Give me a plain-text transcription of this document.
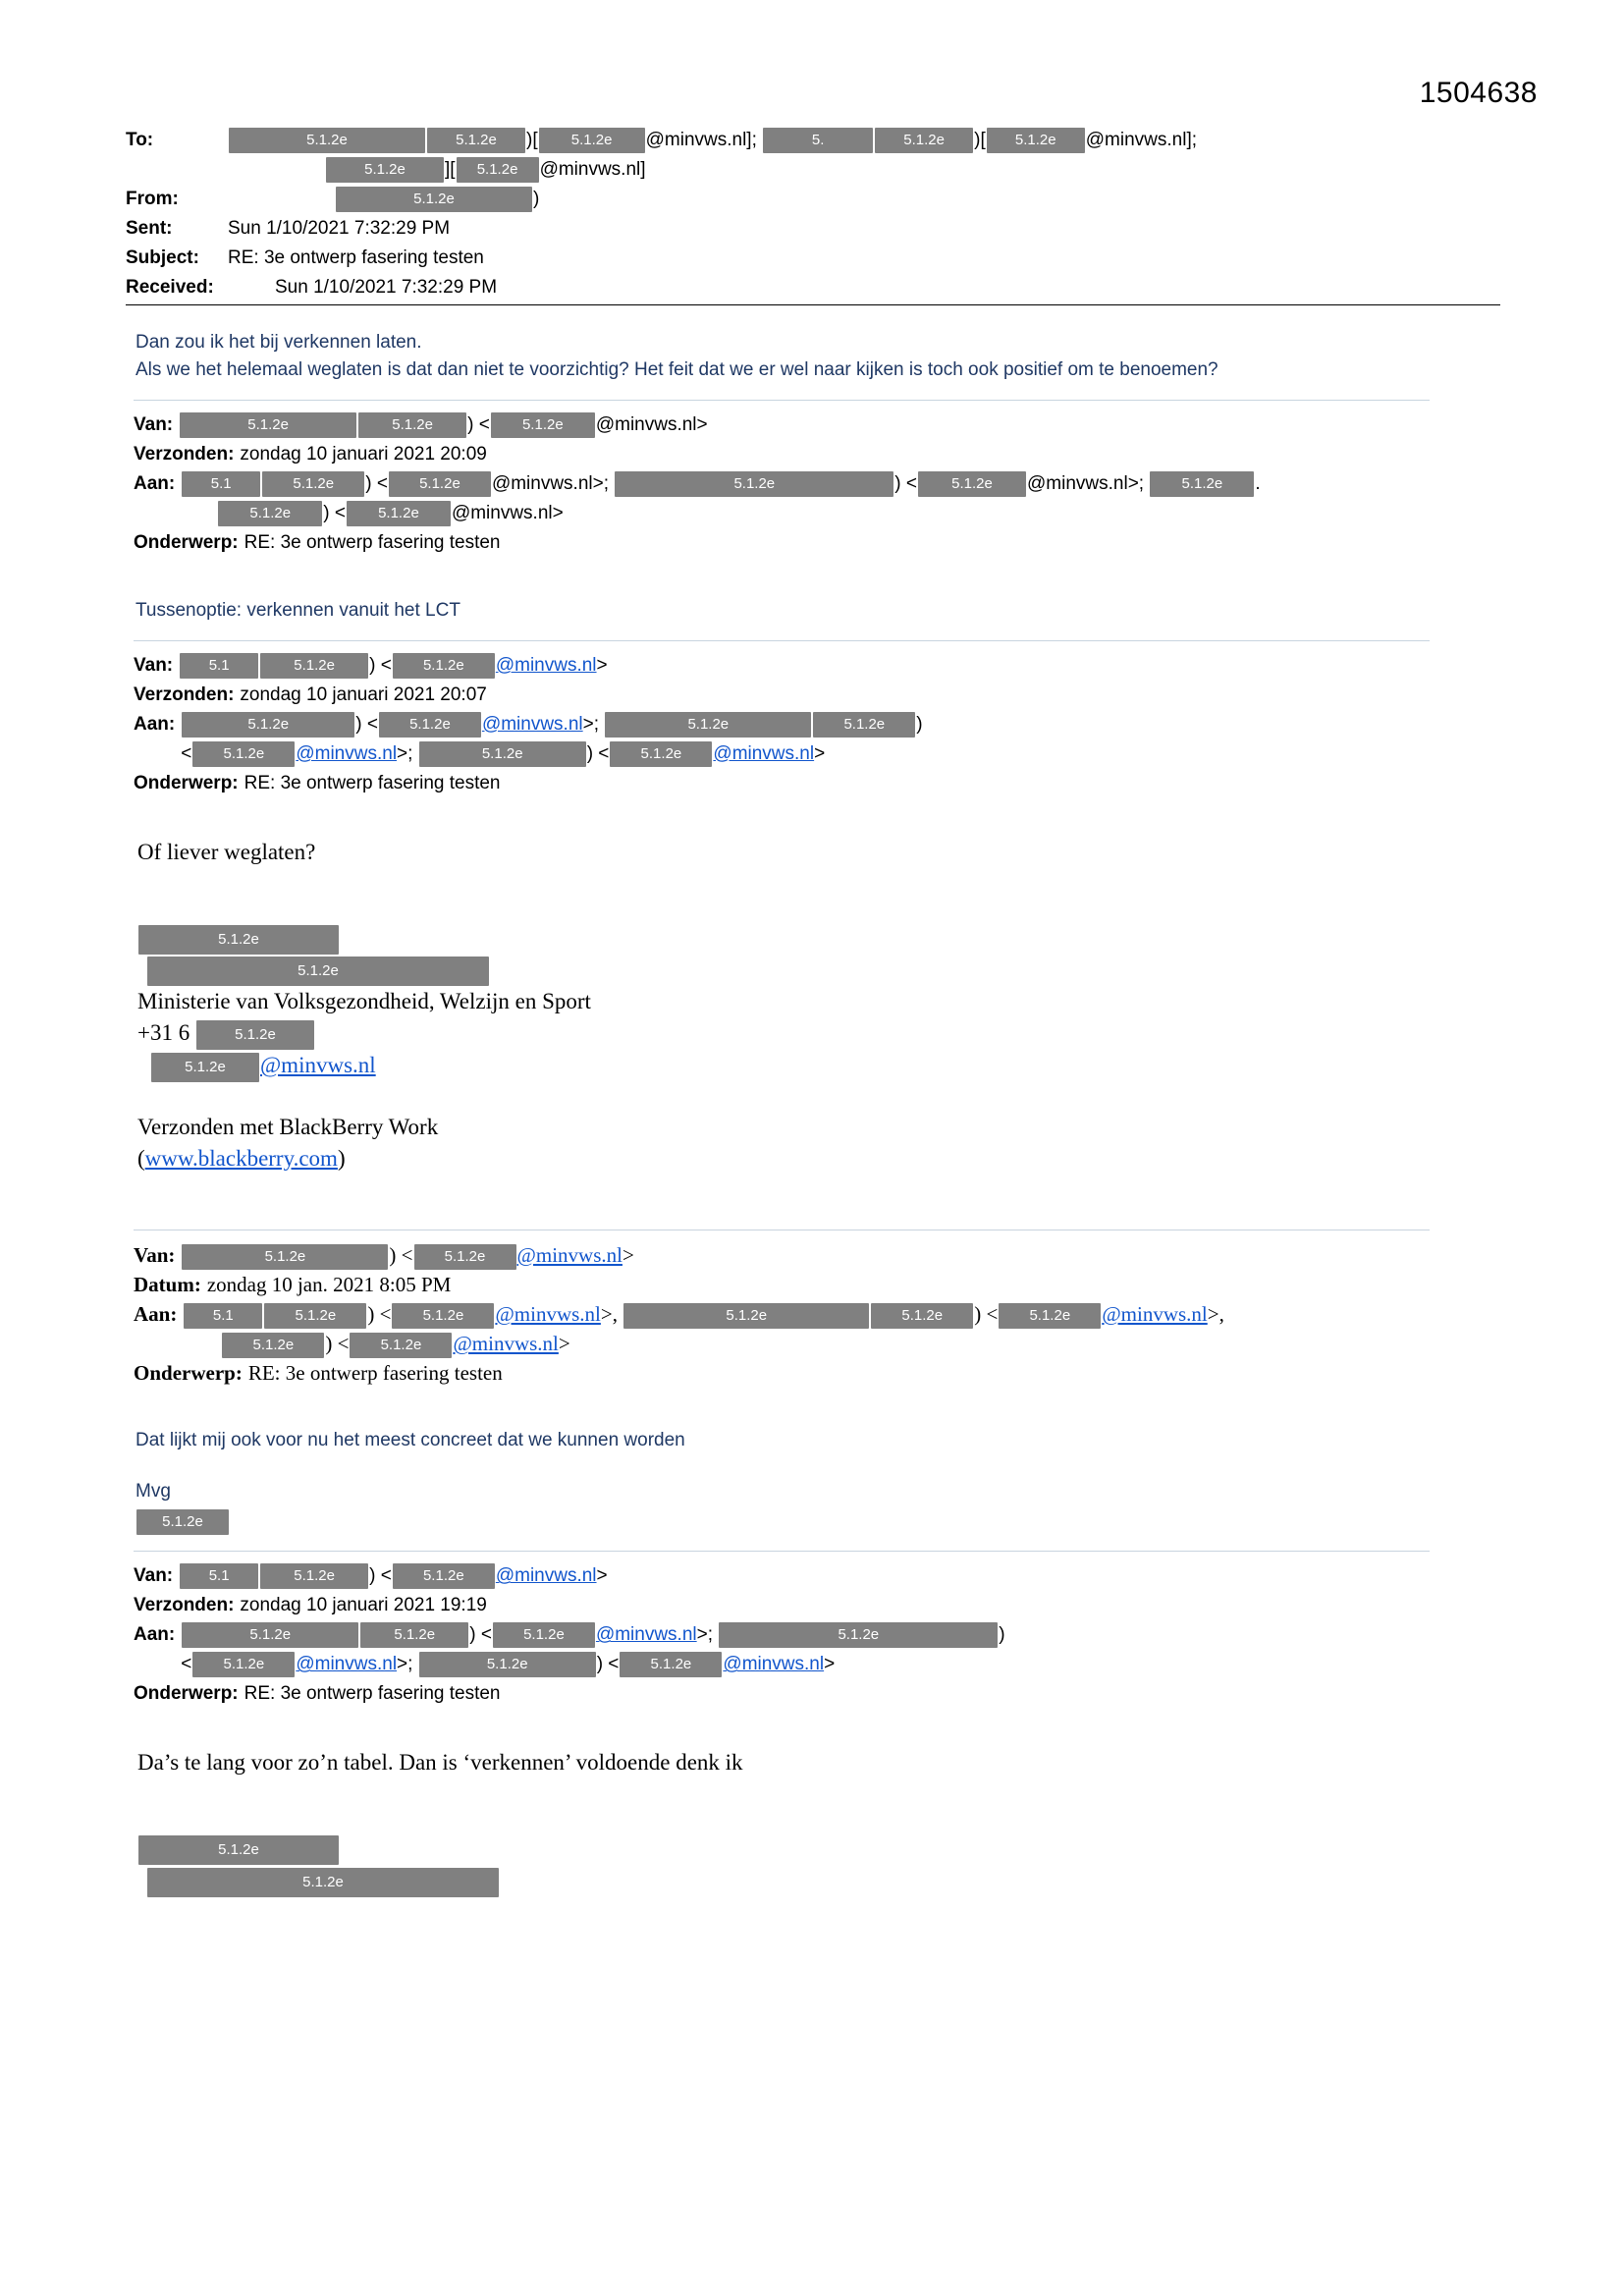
1504638
To:	5.1.2e	5.1.2e )[ 5.1.2e @minvws.nl];	5.	5.1.2e )[ 5.1.2e @minvws.nl];
5.1.2e ][ 5.1.2e @minvws.nl]
From:	5.1.2e	)
Sent:	Sun 1/10/2021 7:32:29 PM
Subject:	RE: 3e ontwerp fasering testen
Received:	Sun 1/10/2021 7:32:29 PM
Dan zou ik het bij verkennen laten.
Als we het helemaal weglaten is dat dan niet te voorzichtig? Het feit dat we er wel naar kijken is toch ook positief om te benoemen?
Van:	5.1.2e	5.1.2e ) < 5.1.2e @minvws.nl>
Verzonden: zondag 10 januari 2021 20:09
Aan:	5.1	5.1.2e ) < 5.1.2e @minvws.nl>;	5.1.2e	) < 5.1.2e @minvws.nl>;	5.1.2e .
5.1.2e ) < 5.1.2e @minvws.nl>
Onderwerp: RE: 3e ontwerp fasering testen
Tussenoptie: verkennen vanuit het LCT
Van:	5.1	5.1.2e ) < 5.1.2e @minvws.nl>
Verzonden: zondag 10 januari 2021 20:07
Aan:	5.1.2e	) < 5.1.2e @minvws.nl>;	5.1.2e	5.1.2e )
< 5.1.2e @minvws.nl>;	5.1.2e	) < 5.1.2e @minvws.nl>
Onderwerp: RE: 3e ontwerp fasering testen
Of liever weglaten?
5.1.2e
5.1.2e
Ministerie van Volksgezondheid, Welzijn en Sport
+31 6	5.1.2e
5.1.2e @minvws.nl
Verzonden met BlackBerry Work
(www.blackberry.com)
Van:	5.1.2e	) < 5.1.2e @minvws.nl>
Datum: zondag 10 jan. 2021 8:05 PM
Aan:	5.1	5.1.2e ) < 5.1.2e @minvws.nl>,	5.1.2e	5.1.2e ) < 5.1.2e @minvws.nl>,
5.1.2e ) < 5.1.2e @minvws.nl>
Onderwerp: RE: 3e ontwerp fasering testen
Dat lijkt mij ook voor nu het meest concreet dat we kunnen worden
Mvg
5.1.2e
Van:	5.1	5.1.2e ) < 5.1.2e @minvws.nl>
Verzonden: zondag 10 januari 2021 19:19
Aan:	5.1.2e	5.1.2e ) < 5.1.2e @minvws.nl>;	5.1.2e	)
< 5.1.2e @minvws.nl>;	5.1.2e	) < 5.1.2e @minvws.nl>
Onderwerp: RE: 3e ontwerp fasering testen
Da’s te lang voor zo’n tabel. Dan is ‘verkennen’ voldoende denk ik
5.1.2e
5.1.2e
